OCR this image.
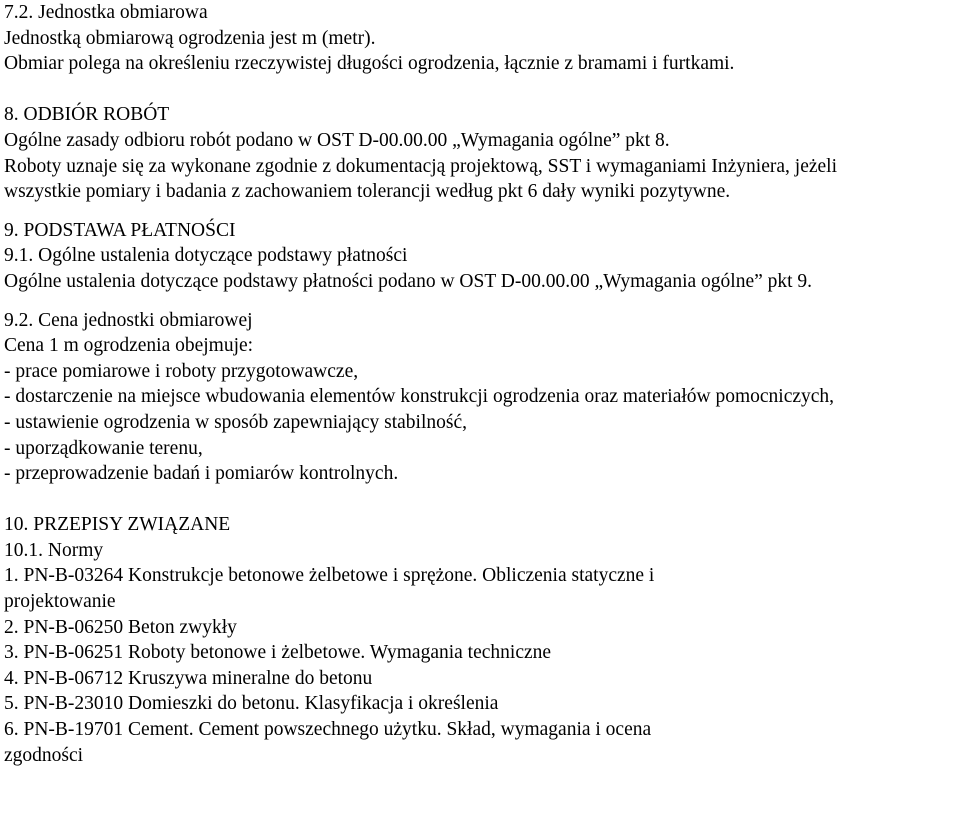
7.2. Jednostka obmiarowa
Jednostką obmiarową ogrodzenia jest m (metr).
Obmiar polega na określeniu rzeczywistej długości ogrodzenia, łącznie z bramami i furtkami.
8. ODBIÓR ROBÓT
Ogólne zasady odbioru robót podano w OST D-00.00.00 „Wymagania ogólne” pkt 8.
Roboty uznaje się za wykonane zgodnie z dokumentacją projektową, SST i wymaganiami Inżyniera, jeżeli
wszystkie pomiary i badania z zachowaniem tolerancji według pkt 6 dały wyniki pozytywne.
9. PODSTAWA PŁATNOŚCI
9.1. Ogólne ustalenia dotyczące podstawy płatności
Ogólne ustalenia dotyczące podstawy płatności podano w OST D-00.00.00 „Wymagania ogólne” pkt 9.
9.2. Cena jednostki obmiarowej
Cena 1 m ogrodzenia obejmuje:
- prace pomiarowe i roboty przygotowawcze,
- dostarczenie na miejsce wbudowania elementów konstrukcji ogrodzenia oraz materiałów pomocniczych,
- ustawienie ogrodzenia w sposób zapewniający stabilność,
- uporządkowanie terenu,
- przeprowadzenie badań i pomiarów kontrolnych.
10. PRZEPISY ZWIĄZANE
10.1. Normy
1. PN-B-03264 Konstrukcje betonowe żelbetowe i sprężone. Obliczenia statyczne i
projektowanie
2. PN-B-06250 Beton zwykły
3. PN-B-06251 Roboty betonowe i żelbetowe. Wymagania techniczne
4. PN-B-06712 Kruszywa mineralne do betonu
5. PN-B-23010 Domieszki do betonu. Klasyfikacja i określenia
6. PN-B-19701 Cement. Cement powszechnego użytku. Skład, wymagania i ocena
zgodności
